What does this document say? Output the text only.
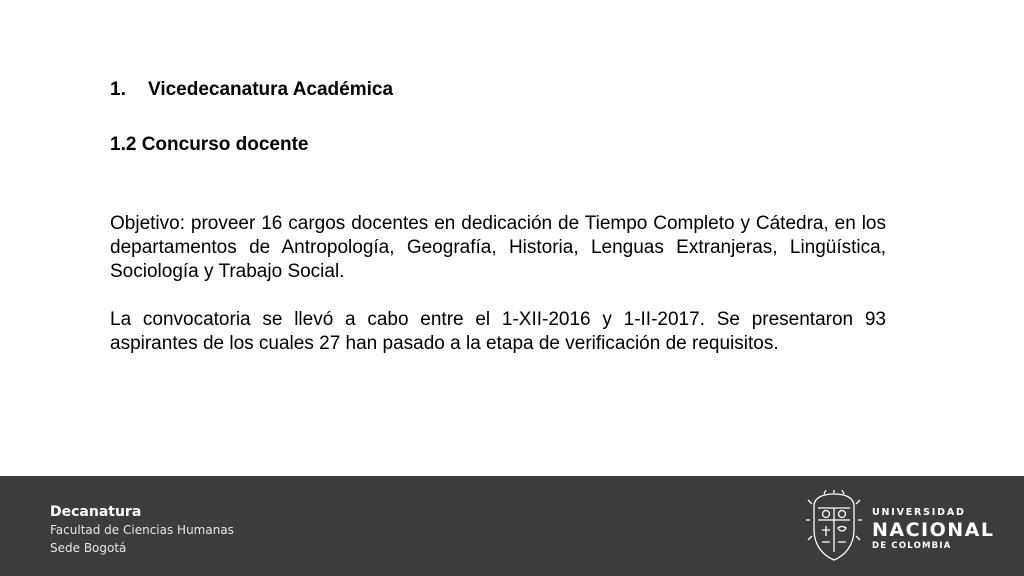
1.	Vicedecanatura Académica
1.2 Concurso docente
Objetivo: proveer 16 cargos docentes en dedicación de Tiempo Completo y Cátedra, en los departamentos de Antropología, Geografía, Historia, Lenguas Extranjeras, Lingüística, Sociología y Trabajo Social.
La convocatoria se llevó a cabo entre el 1-XII-2016 y 1-II-2017. Se presentaron 93 aspirantes de los cuales 27 han pasado a la etapa de verificación de requisitos.
Decanatura
Facultad de Ciencias Humanas
Sede Bogotá
UNIVERSIDAD
NACIONAL
DE COLOMBIA
